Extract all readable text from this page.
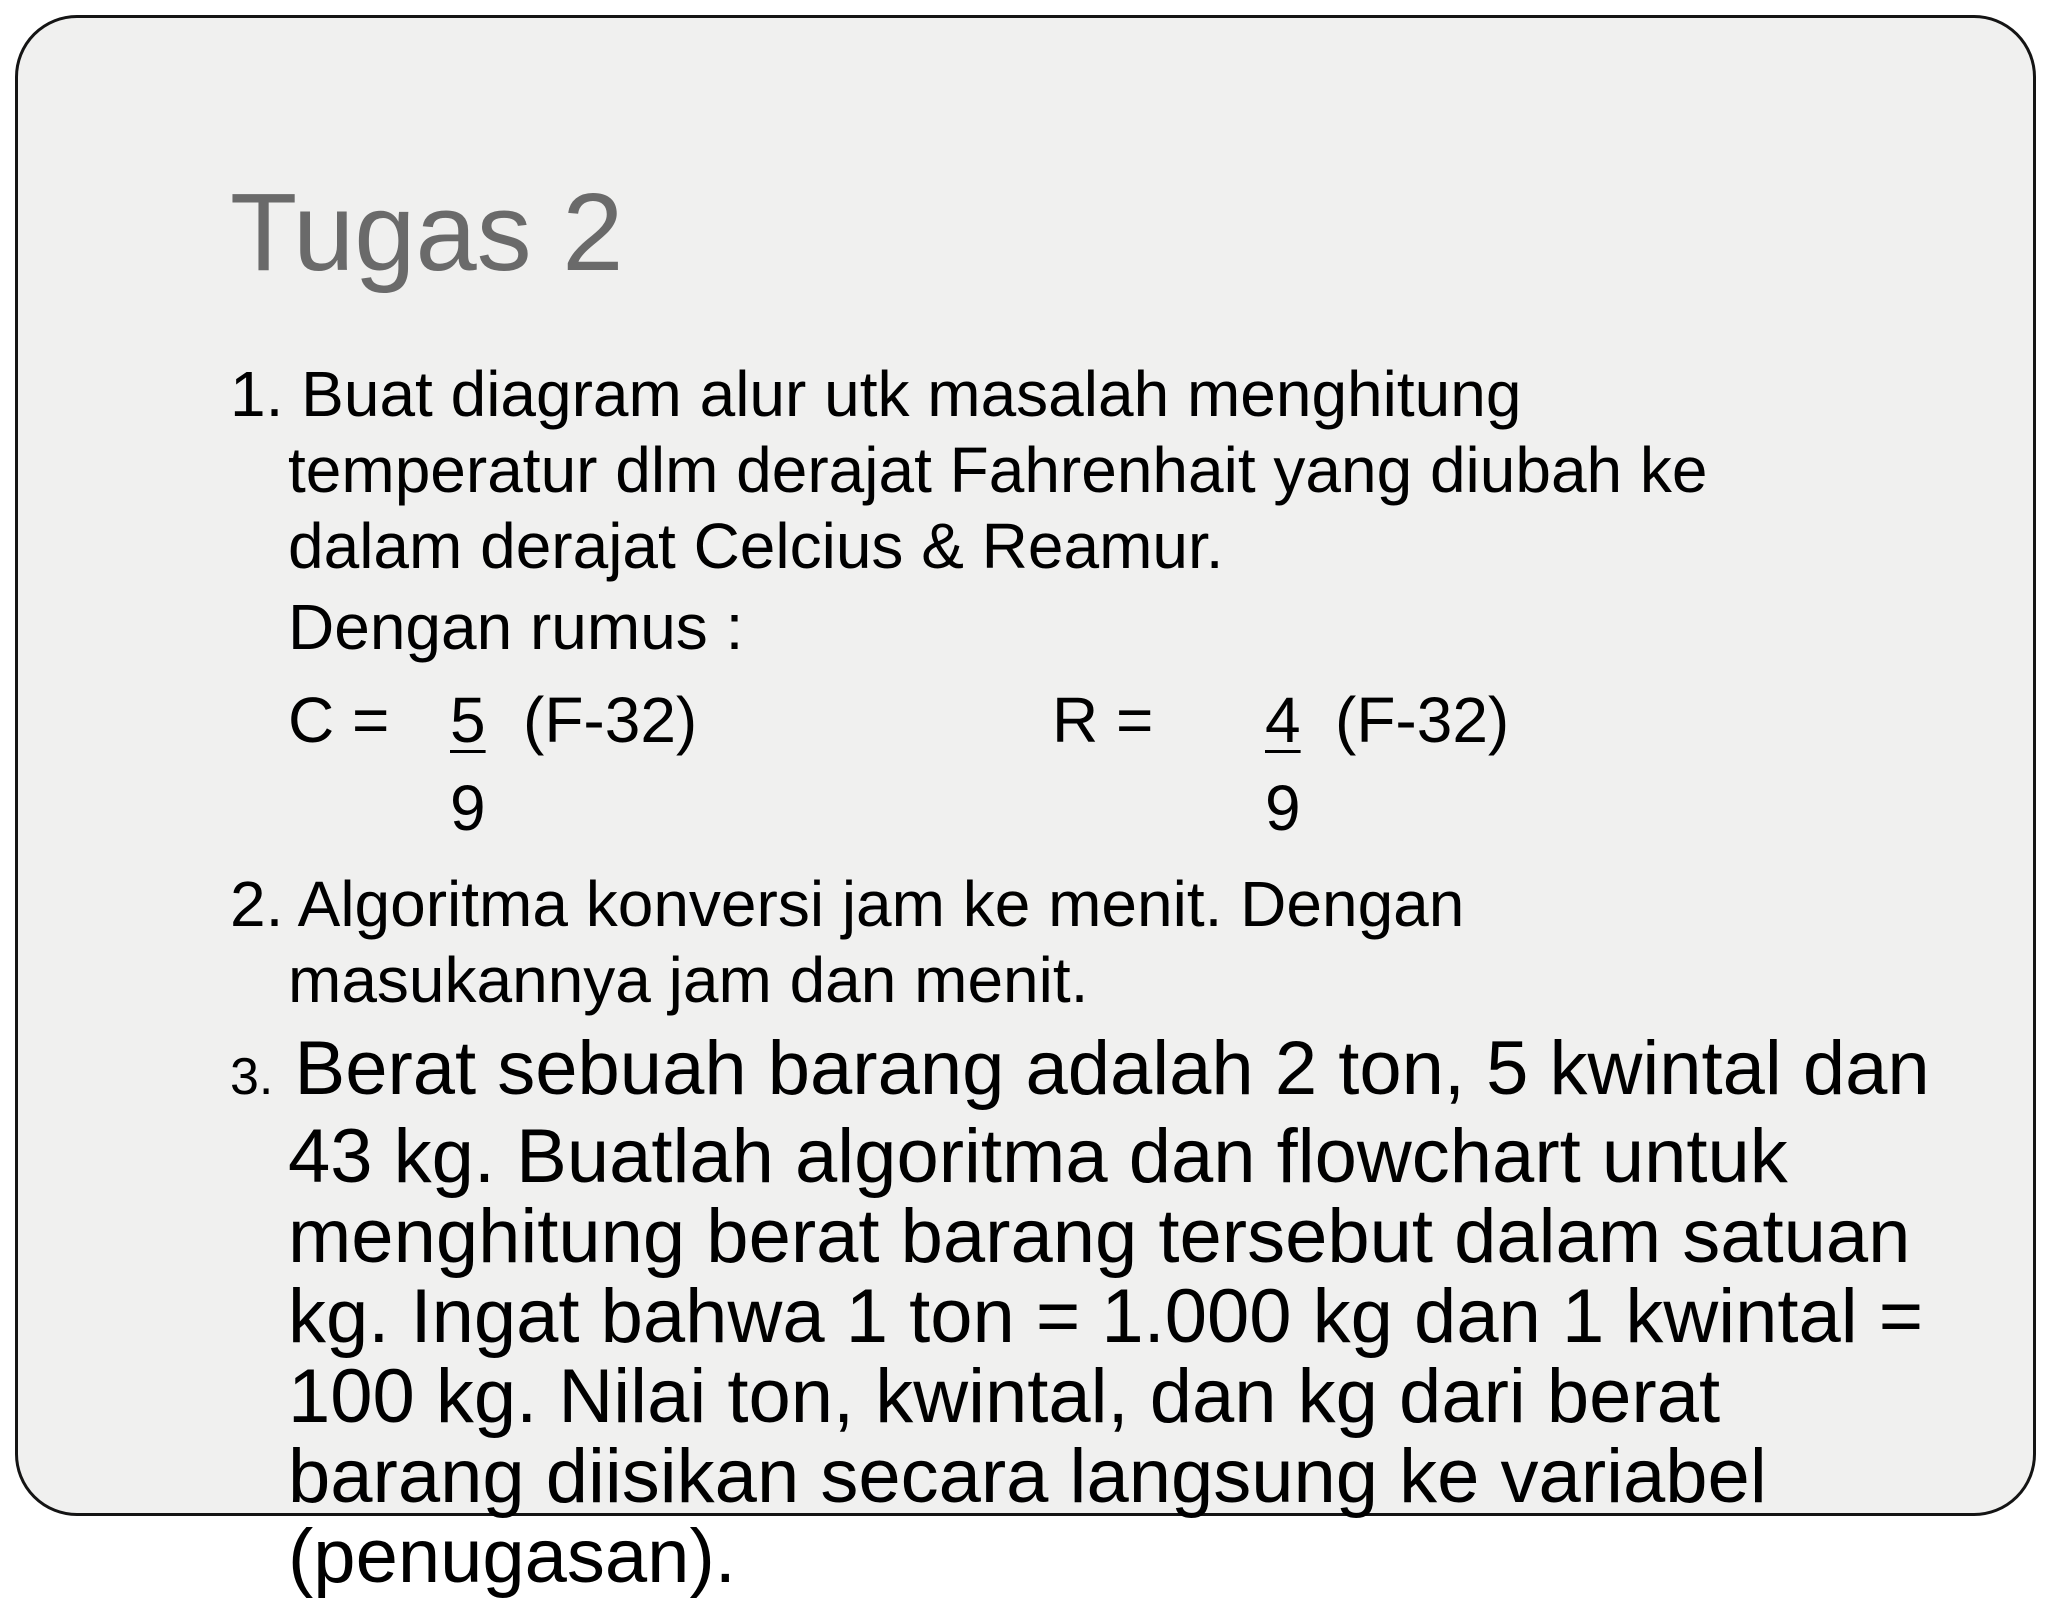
Tugas 2
1. Buat diagram alur utk masalah menghitung
temperatur dlm derajat Fahrenhait yang diubah ke
dalam derajat Celcius & Reamur.
Dengan rumus :
C = 5 (F-32)
9
R = 4 (F-32)
9
2. Algoritma konversi jam ke menit. Dengan
masukannya jam dan menit.
3. Berat sebuah barang adalah 2 ton, 5 kwintal dan
43 kg. Buatlah algoritma dan flowchart untuk
menghitung berat barang tersebut dalam satuan
kg. Ingat bahwa 1 ton = 1.000 kg dan 1 kwintal =
100 kg. Nilai ton, kwintal, dan kg dari berat
barang diisikan secara langsung ke variabel
(penugasan).
